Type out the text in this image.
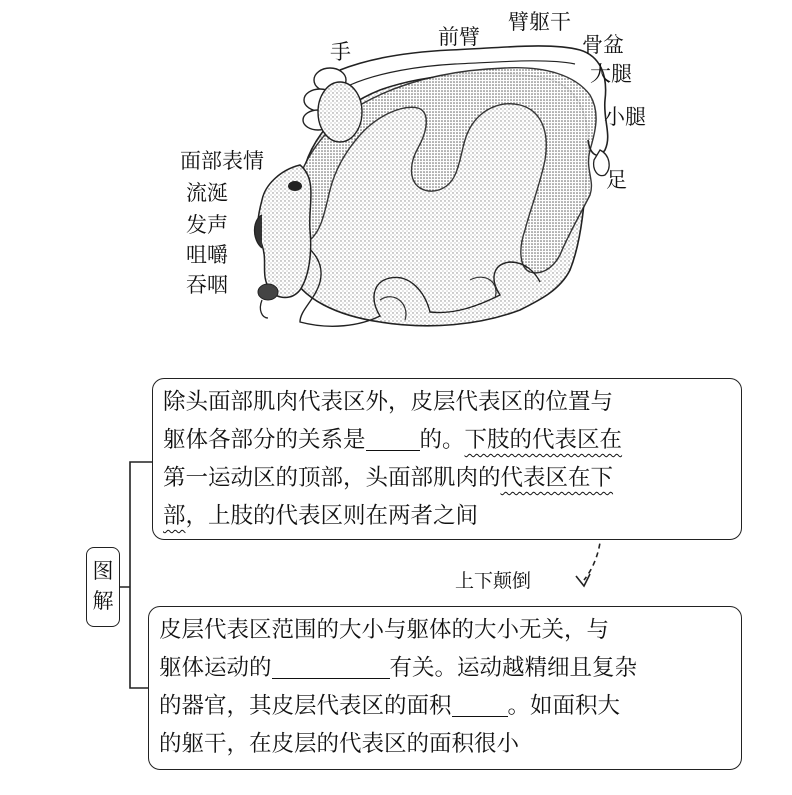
手
前臂
臂躯干
骨盆
大腿
小腿
足
面部表情
流涎
发声
咀嚼
吞咽
图
解
除头面部肌肉代表区外，皮层代表区的位置与
躯体各部分的关系是 的。下肢的代表区在
第一运动区的顶部，头面部肌肉的代表区在下
部，上肢的代表区则在两者之间
上下颠倒
皮层代表区范围的大小与躯体的大小无关，与
躯体运动的	有关。运动越精细且复杂
的器官，其皮层代表区的面积 。如面积大
的躯干，在皮层的代表区的面积很小
